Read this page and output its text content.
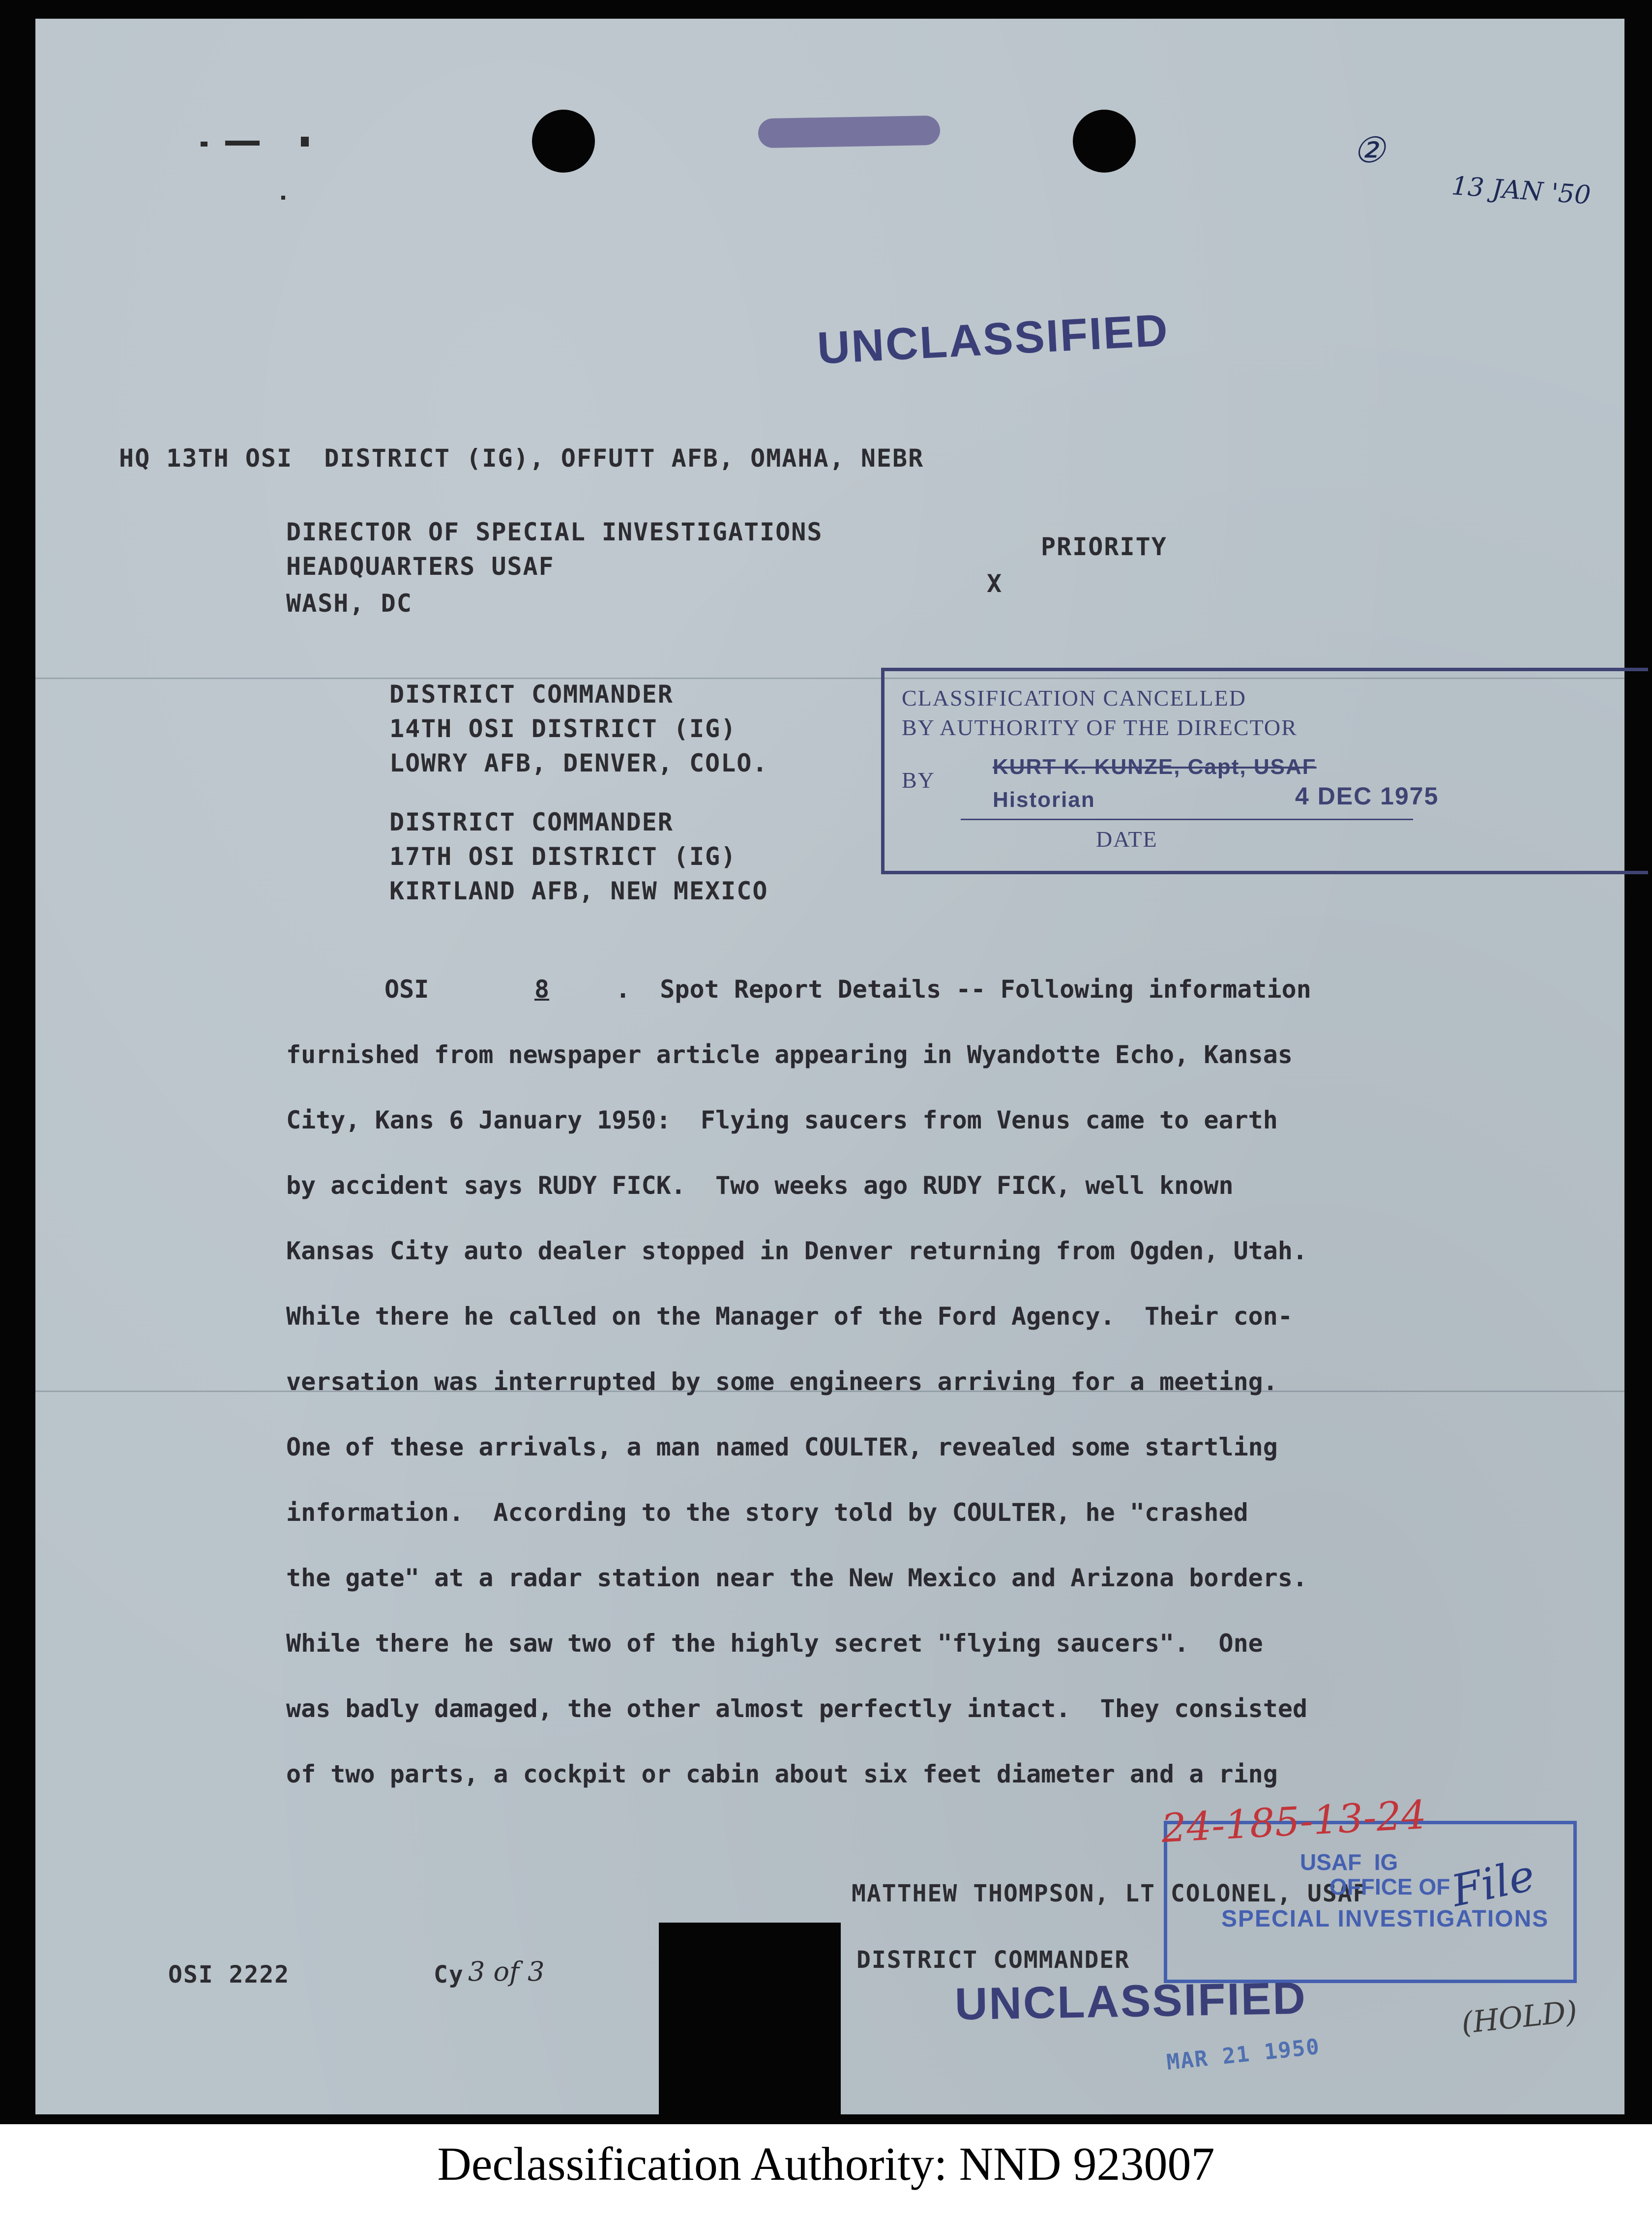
②
13 JAN '50
UNCLASSIFIED
HQ 13TH OSI  DISTRICT (IG), OFFUTT AFB, OMAHA, NEBR
DIRECTOR OF SPECIAL INVESTIGATIONS
HEADQUARTERS USAF
WASH, DC
PRIORITY
X
DISTRICT COMMANDER
14TH OSI DISTRICT (IG)
LOWRY AFB, DENVER, COLO.
DISTRICT COMMANDER
17TH OSI DISTRICT (IG)
KIRTLAND AFB, NEW MEXICO
CLASSIFICATION CANCELLED
BY AUTHORITY OF THE DIRECTOR
BY
KURT K. KUNZE, Capt, USAF
Historian	4 DEC 1975
DATE
OSI	8	.  Spot Report Details -- Following information
furnished from newspaper article appearing in Wyandotte Echo, Kansas
City, Kans 6 January 1950:  Flying saucers from Venus came to earth
by accident says RUDY FICK.  Two weeks ago RUDY FICK, well known
Kansas City auto dealer stopped in Denver returning from Ogden, Utah.
While there he called on the Manager of the Ford Agency.  Their con-
versation was interrupted by some engineers arriving for a meeting.
One of these arrivals, a man named COULTER, revealed some startling
information.  According to the story told by COULTER, he "crashed
the gate" at a radar station near the New Mexico and Arizona borders.
While there he saw two of the highly secret "flying saucers".  One
was badly damaged, the other almost perfectly intact.  They consisted
of two parts, a cockpit or cabin about six feet diameter and a ring
MATTHEW THOMPSON, LT COLONEL, USAF
DISTRICT COMMANDER
USAF  IG
OFFICE OF
SPECIAL INVESTIGATIONS
24-185-13-24
File
OSI 2222	Cy 3 of 3
UNCLASSIFIED
MAR 21 1950
(HOLD)
Declassification Authority: NND 923007
